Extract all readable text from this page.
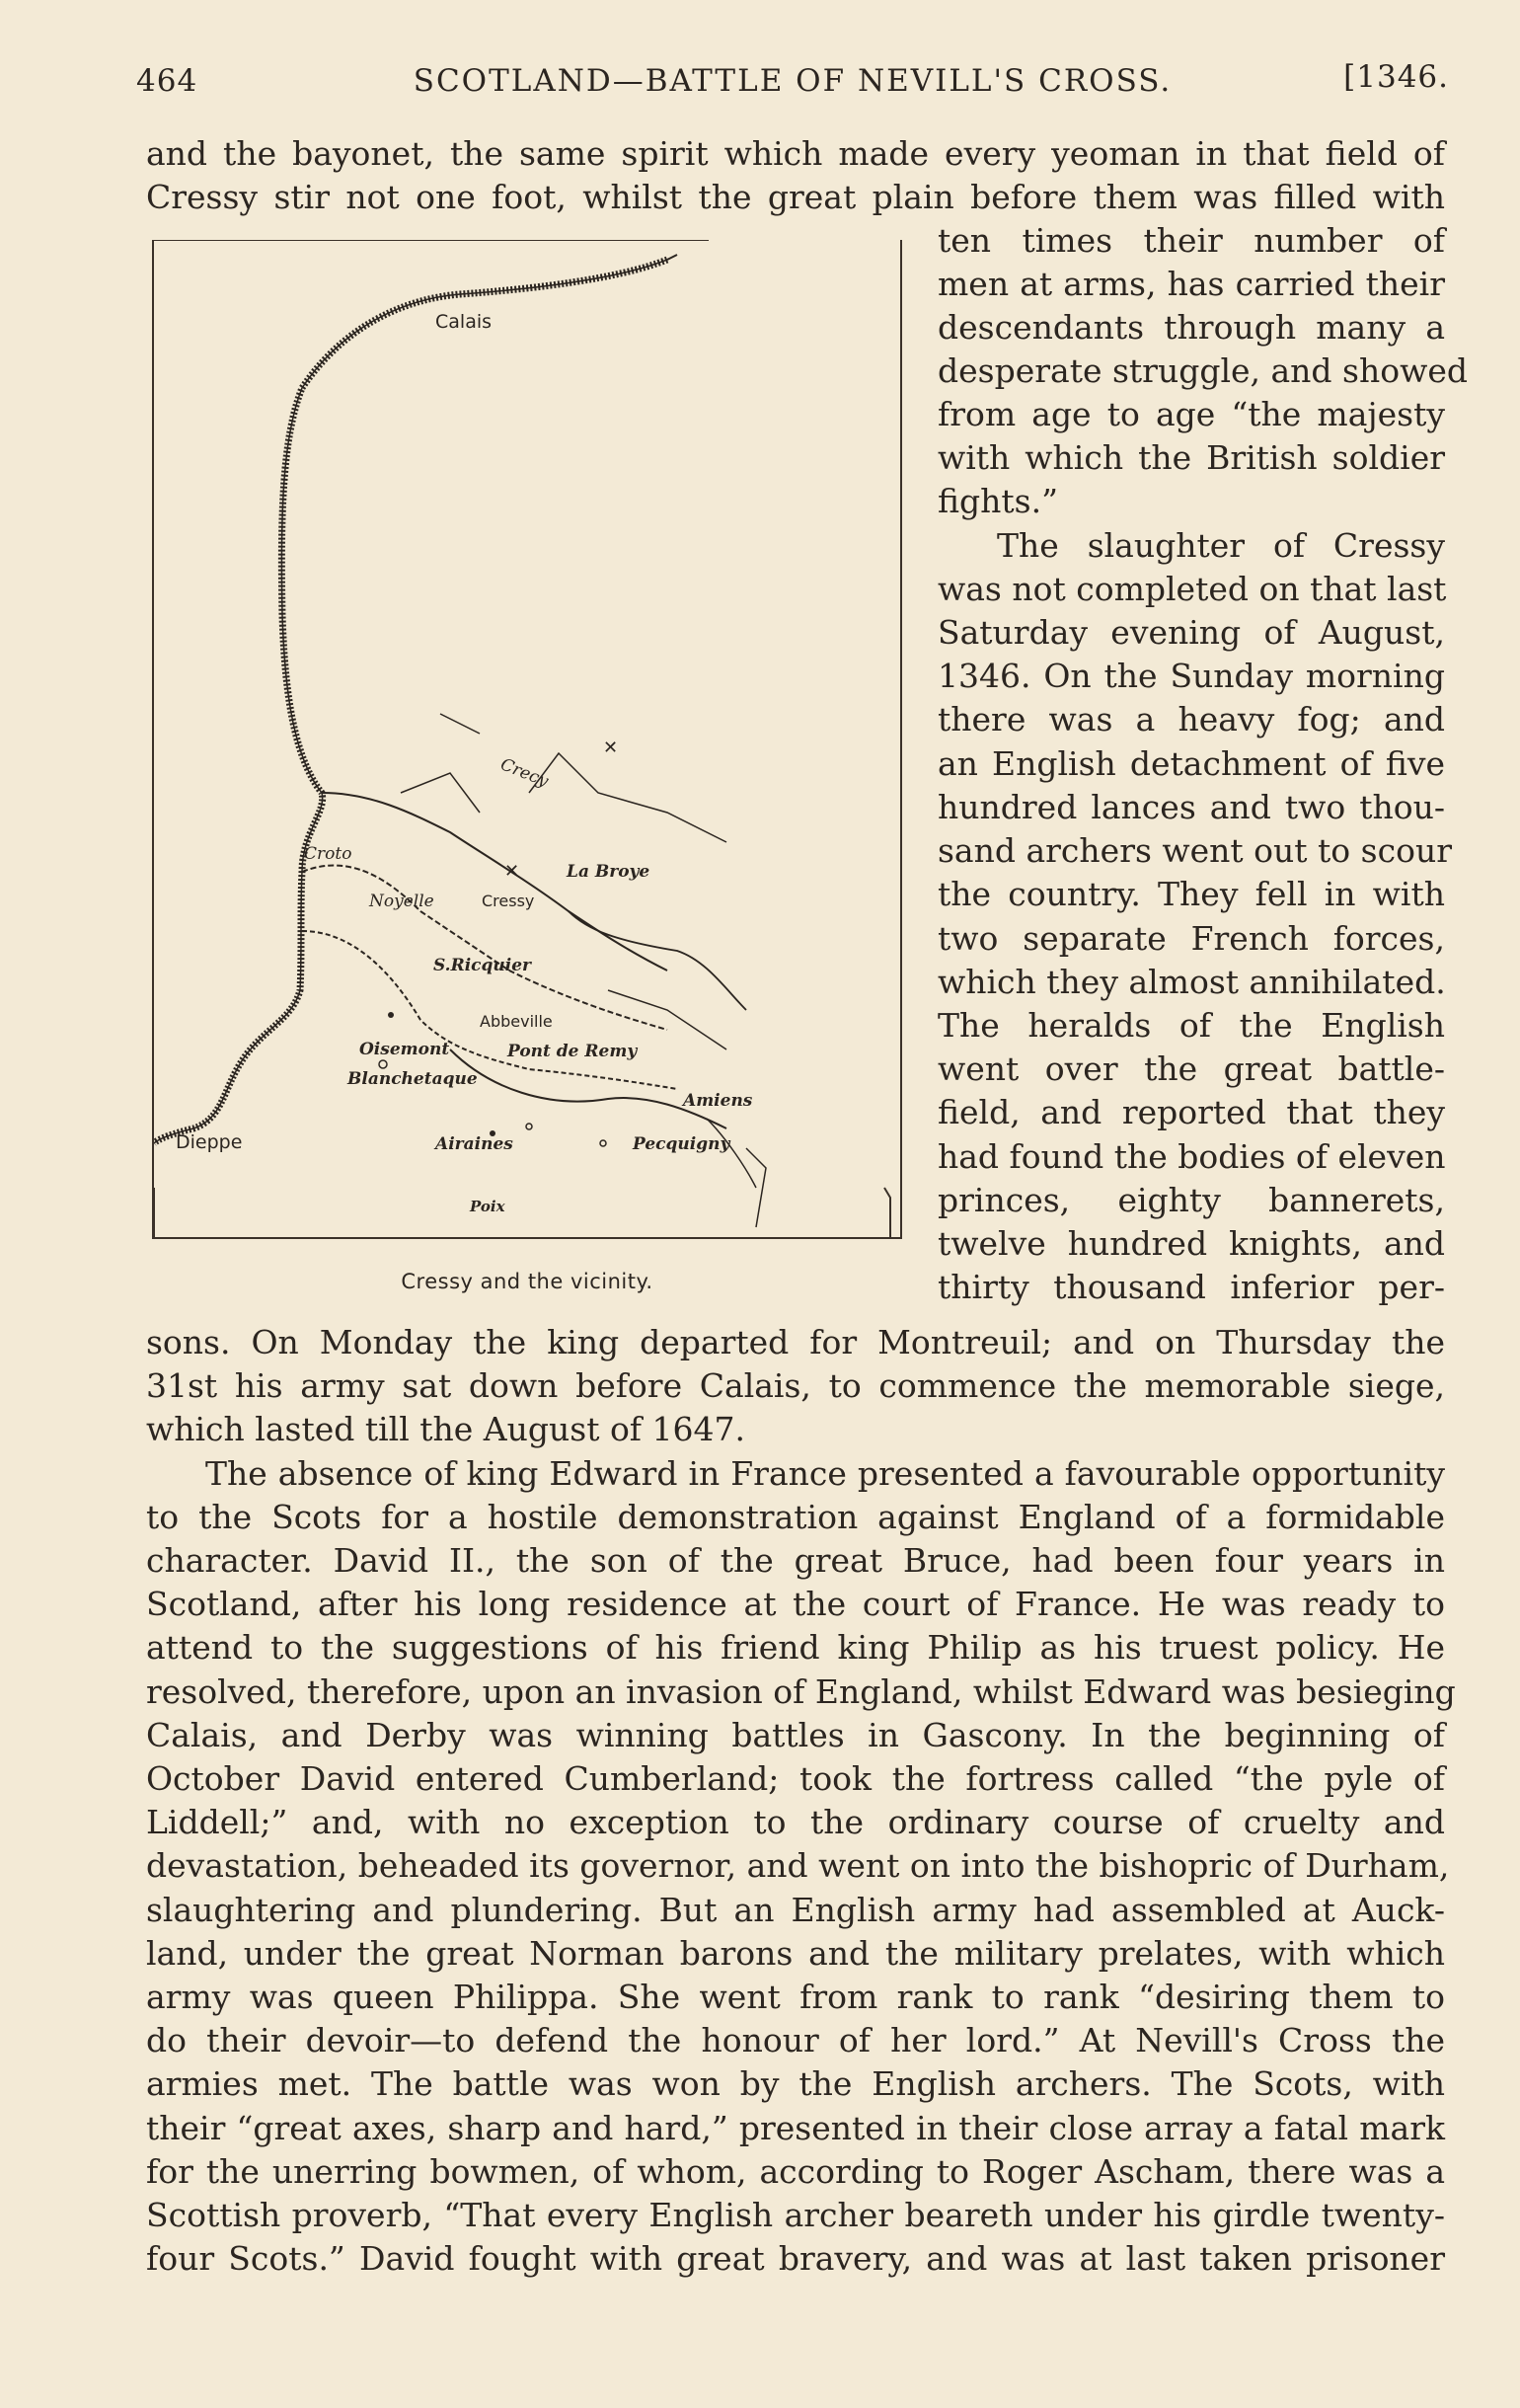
464	SCOTLAND—BATTLE OF NEVILL'S CROSS.	[1346.
and the bayonet, the same spirit which made every yeoman in that field of
Cressy stir not one foot, whilst the great plain before them was filled with
ten times their number of
men at arms, has carried their
descendants through many a
desperate struggle, and showed
from age to age “the majesty
with which the British soldier
fights.”
The slaughter of Cressy
was not completed on that last
Saturday evening of August,
1346. On the Sunday morning
there was a heavy fog; and
an English detachment of five
hundred lances and two thou-
sand archers went out to scour
the country. They fell in with
two separate French forces,
which they almost annihilated.
The heralds of the English
went over the great battle-
field, and reported that they
had found the bodies of eleven
princes, eighty bannerets,
twelve hundred knights, and
thirty thousand inferior per-
sons. On Monday the king departed for Montreuil; and on Thursday the
31st his army sat down before Calais, to commence the memorable siege,
which lasted till the August of 1647.
The absence of king Edward in France presented a favourable opportunity
to the Scots for a hostile demonstration against England of a formidable
character. David II., the son of the great Bruce, had been four years in
Scotland, after his long residence at the court of France. He was ready to
attend to the suggestions of his friend king Philip as his truest policy. He
resolved, therefore, upon an invasion of England, whilst Edward was besieging
Calais, and Derby was winning battles in Gascony. In the beginning of
October David entered Cumberland; took the fortress called “the pyle of
Liddell;” and, with no exception to the ordinary course of cruelty and
devastation, beheaded its governor, and went on into the bishopric of Durham,
slaughtering and plundering. But an English army had assembled at Auck-
land, under the great Norman barons and the military prelates, with which
army was queen Philippa. She went from rank to rank “desiring them to
do their devoir—to defend the honour of her lord.” At Nevill's Cross the
armies met. The battle was won by the English archers. The Scots, with
their “great axes, sharp and hard,” presented in their close array a fatal mark
for the unerring bowmen, of whom, according to Roger Ascham, there was a
Scottish proverb, “That every English archer beareth under his girdle twenty-
four Scots.” David fought with great bravery, and was at last taken prisoner
✕
✕
Calais
Crecy
Croto
La Broye
Noyelle	Cressy
S.Ricquier
Abbeville
Oisemont	Pont de Remy
Blanchetaque
Amiens
Dieppe	Airaines	Pecquigny
Poix
Cressy and the vicinity.
